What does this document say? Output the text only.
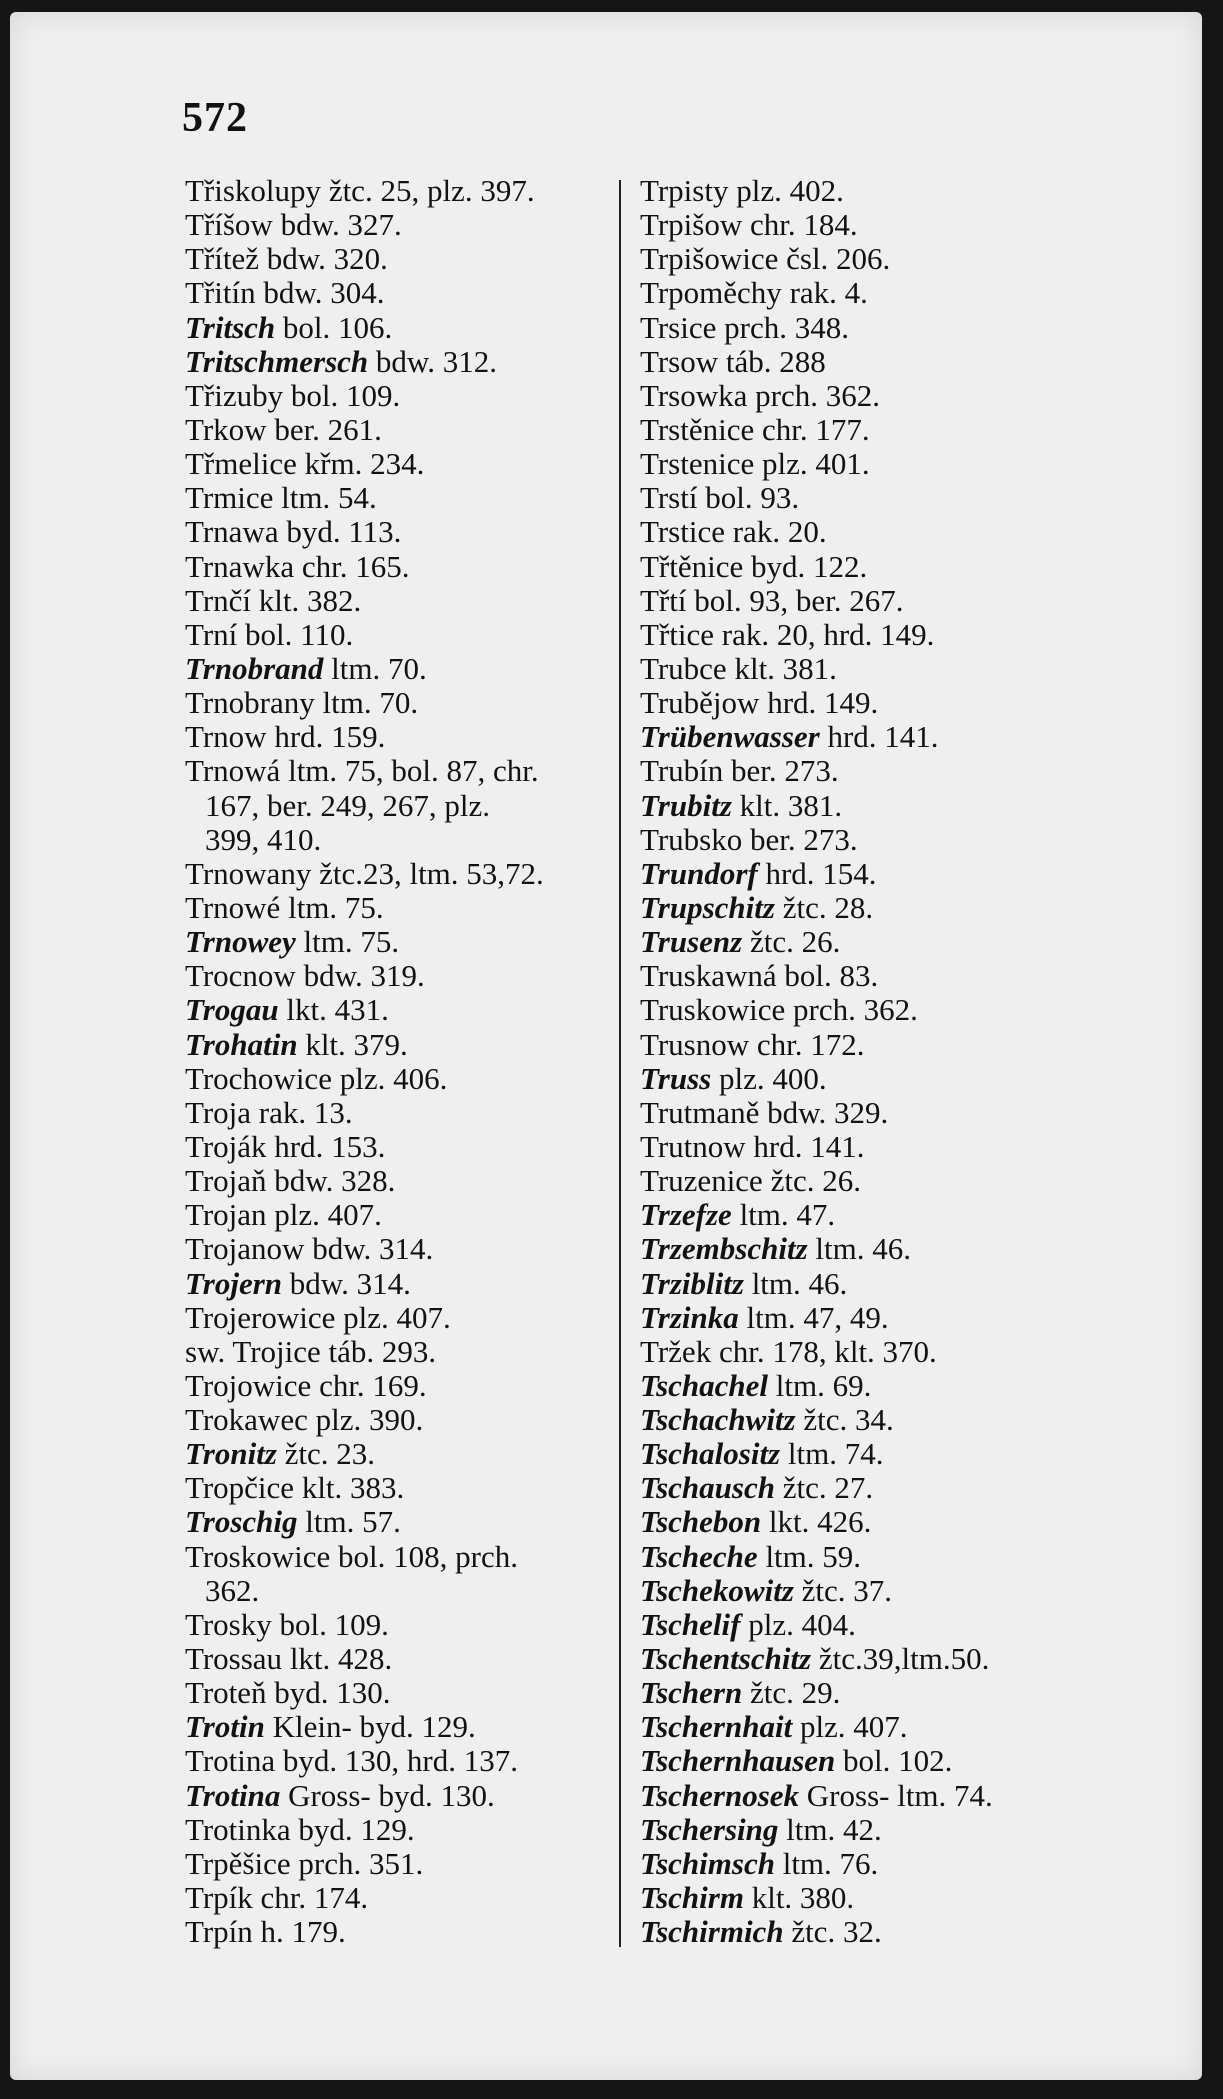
572
Třiskolupy žtc. 25, plz. 397.
Tříšow bdw. 327.
Třítež bdw. 320.
Třitín bdw. 304.
Tritsch bol. 106.
Tritschmersch bdw. 312.
Třizuby bol. 109.
Trkow ber. 261.
Třmelice křm. 234.
Trmice ltm. 54.
Trnawa byd. 113.
Trnawka chr. 165.
Trnčí klt. 382.
Trní bol. 110.
Trnobrand ltm. 70.
Trnobrany ltm. 70.
Trnow hrd. 159.
Trnowá ltm. 75, bol. 87, chr.
167, ber. 249, 267, plz.
399, 410.
Trnowany žtc.23, ltm. 53,72.
Trnowé ltm. 75.
Trnowey ltm. 75.
Trocnow bdw. 319.
Trogau lkt. 431.
Trohatin klt. 379.
Trochowice plz. 406.
Troja rak. 13.
Troják hrd. 153.
Trojaň bdw. 328.
Trojan plz. 407.
Trojanow bdw. 314.
Trojern bdw. 314.
Trojerowice plz. 407.
sw. Trojice táb. 293.
Trojowice chr. 169.
Trokawec plz. 390.
Tronitz žtc. 23.
Tropčice klt. 383.
Troschig ltm. 57.
Troskowice bol. 108, prch.
362.
Trosky bol. 109.
Trossau lkt. 428.
Troteň byd. 130.
Trotin Klein- byd. 129.
Trotina byd. 130, hrd. 137.
Trotina Gross- byd. 130.
Trotinka byd. 129.
Trpěšice prch. 351.
Trpík chr. 174.
Trpín h. 179.
Trpisty plz. 402.
Trpišow chr. 184.
Trpišowice čsl. 206.
Trpoměchy rak. 4.
Trsice prch. 348.
Trsow táb. 288
Trsowka prch. 362.
Trstěnice chr. 177.
Trstenice plz. 401.
Trstí bol. 93.
Trstice rak. 20.
Třtěnice byd. 122.
Třtí bol. 93, ber. 267.
Třtice rak. 20, hrd. 149.
Trubce klt. 381.
Trubějow hrd. 149.
Trübenwasser hrd. 141.
Trubín ber. 273.
Trubitz klt. 381.
Trubsko ber. 273.
Trundorf hrd. 154.
Trupschitz žtc. 28.
Trusenz žtc. 26.
Truskawná bol. 83.
Truskowice prch. 362.
Trusnow chr. 172.
Truss plz. 400.
Trutmaně bdw. 329.
Trutnow hrd. 141.
Truzenice žtc. 26.
Trzefze ltm. 47.
Trzembschitz ltm. 46.
Trziblitz ltm. 46.
Trzinka ltm. 47, 49.
Tržek chr. 178, klt. 370.
Tschachel ltm. 69.
Tschachwitz žtc. 34.
Tschalositz ltm. 74.
Tschausch žtc. 27.
Tschebon lkt. 426.
Tscheche ltm. 59.
Tschekowitz žtc. 37.
Tschelif plz. 404.
Tschentschitz žtc.39,ltm.50.
Tschern žtc. 29.
Tschernhait plz. 407.
Tschernhausen bol. 102.
Tschernosek Gross- ltm. 74.
Tschersing ltm. 42.
Tschimsch ltm. 76.
Tschirm klt. 380.
Tschirmich žtc. 32.
